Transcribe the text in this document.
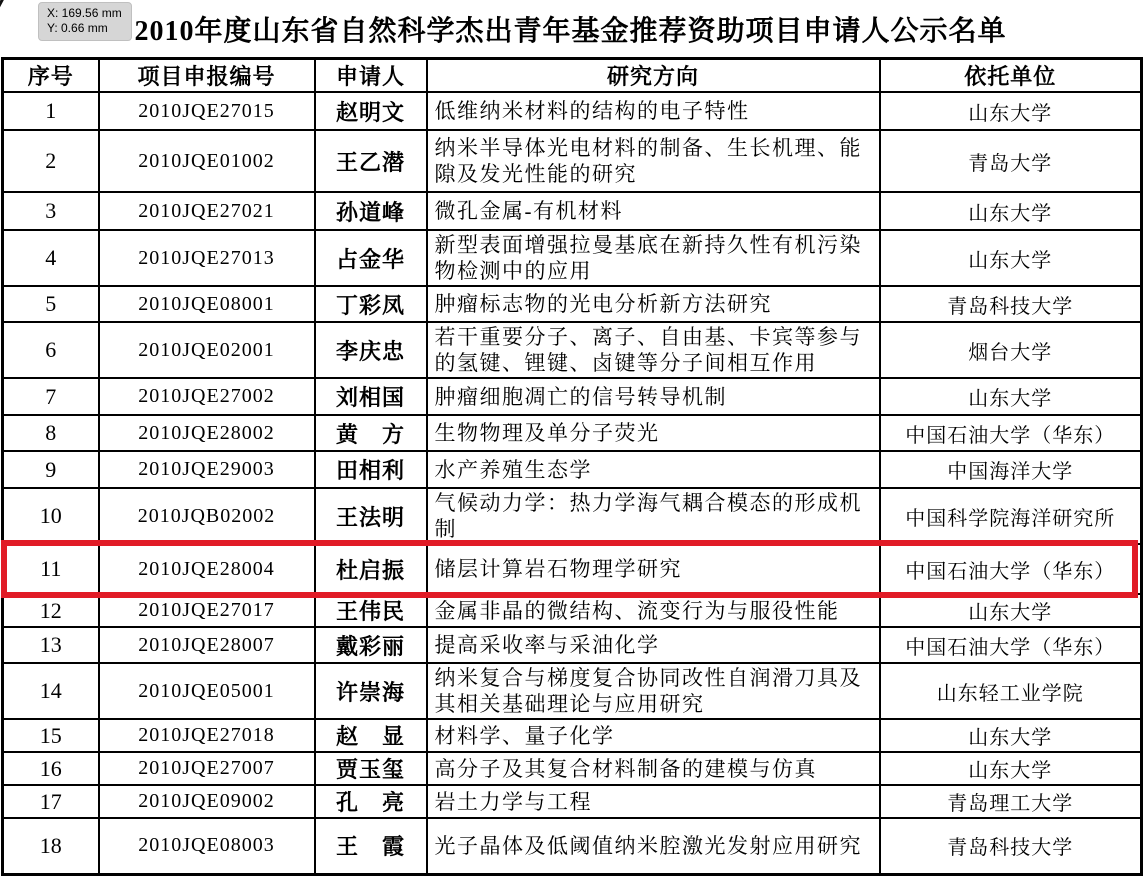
X: 169.56 mm
Y: 0.66 mm 2010年度山东省自然科学杰出青年基金推荐资助项目申请人公示名单
序号	项目申报编号	申请人	研究方向	依托单位
1	2010JQE27015	赵明文	低维纳米材料的结构的电子特性	山东大学
2	2010JQE01002	王乙潜	纳米半导体光电材料的制备、生长机理、能隙及发光性能的研究	青岛大学
3	2010JQE27021	孙道峰	微孔金属-有机材料	山东大学
4	2010JQE27013	占金华	新型表面增强拉曼基底在新持久性有机污染物检测中的应用	山东大学
5	2010JQE08001	丁彩凤	肿瘤标志物的光电分析新方法研究	青岛科技大学
6	2010JQE02001	李庆忠	若干重要分子、离子、自由基、卡宾等参与的氢键、锂键、卤键等分子间相互作用	烟台大学
7	2010JQE27002	刘相国	肿瘤细胞凋亡的信号转导机制	山东大学
8	2010JQE28002	黄　方	生物物理及单分子荧光	中国石油大学（华东）
9	2010JQE29003	田相利	水产养殖生态学	中国海洋大学
10	2010JQB02002	王法明	气候动力学：热力学海气耦合模态的形成机制	中国科学院海洋研究所
11	2010JQE28004	杜启振	储层计算岩石物理学研究	中国石油大学（华东）
12	2010JQE27017	王伟民	金属非晶的微结构、流变行为与服役性能	山东大学
13	2010JQE28007	戴彩丽	提高采收率与采油化学	中国石油大学（华东）
14	2010JQE05001	许崇海	纳米复合与梯度复合协同改性自润滑刀具及其相关基础理论与应用研究	山东轻工业学院
15	2010JQE27018	赵　显	材料学、量子化学	山东大学
16	2010JQE27007	贾玉玺	高分子及其复合材料制备的建模与仿真	山东大学
17	2010JQE09002	孔　亮	岩土力学与工程	青岛理工大学
18	2010JQE08003	王　霞	光子晶体及低阈值纳米腔激光发射应用研究	青岛科技大学
